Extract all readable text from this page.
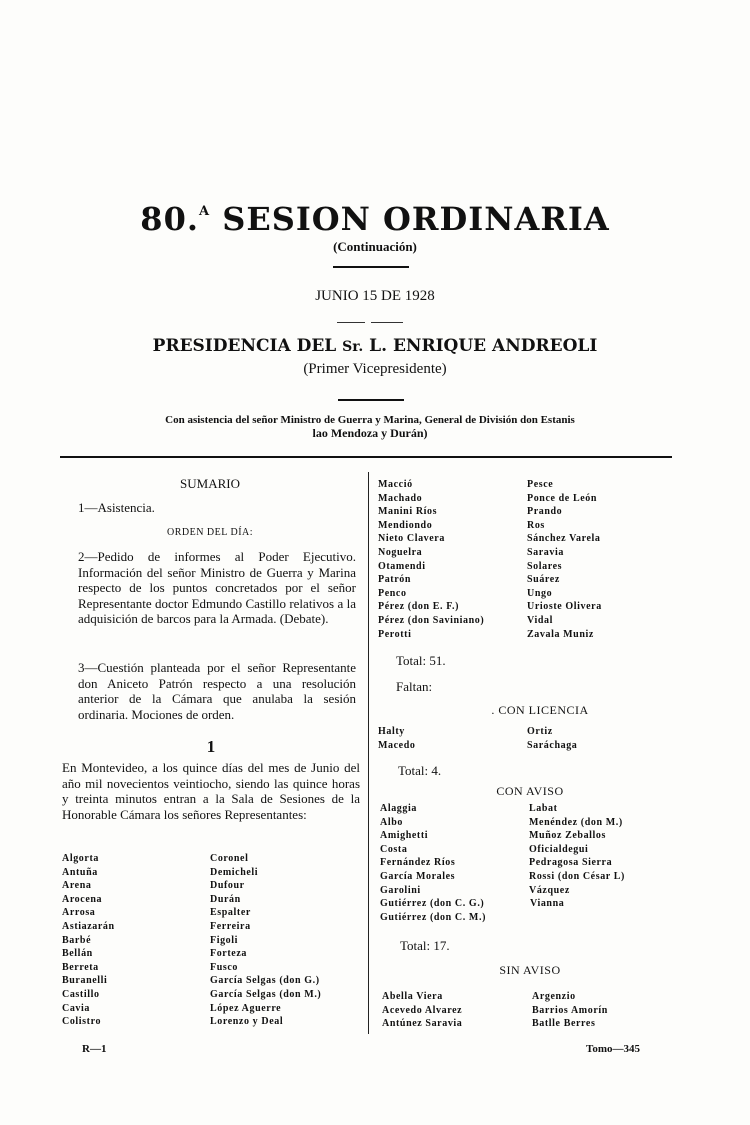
80.$^A$ SESION ORDINARIA
(Continuación)
JUNIO 15 DE 1928
PRESIDENCIA DEL Sr. L. ENRIQUE ANDREOLI
(Primer Vicepresidente)
Con asistencia del señor Ministro de Guerra y Marina, General de División don Estanis
lao Mendoza y Durán)
SUMARIO
1—Asistencia.
ORDEN DEL DÍA:
2—Pedido de informes al Poder Ejecutivo. Información del señor Ministro de Guerra y Marina respecto de los puntos concretados por el señor Representante doctor Edmundo Castillo relativos a la adquisición de barcos para la Armada. (Debate).
3—Cuestión planteada por el señor Representante don Aniceto Patrón respecto a una resolución anterior de la Cámara que anulaba la sesión ordinaria. Mociones de orden.
1
En Montevideo, a los quince días del mes de Junio del año mil novecientos veintiocho, siendo las quince horas y treinta minutos entran a la Sala de Sesiones de la Honorable Cámara los señores Representantes:
Algorta
Antuña
Arena
Arocena
Arrosa
Astiazarán
Barbé
Bellán
Berreta
Buranelli
Castillo
Cavia
Colistro
Coronel
Demicheli
Dufour
Durán
Espalter
Ferreira
Figoli
Forteza
Fusco
García Selgas (don G.)
García Selgas (don M.)
López Aguerre
Lorenzo y Deal
Macció
Machado
Manini Ríos
Mendiondo
Nieto Clavera
Noguelra
Otamendi
Patrón
Penco
Pérez (don E. F.)
Pérez (don Saviniano)
Perotti
Pesce
Ponce de León
Prando
Ros
Sánchez Varela
Saravia
Solares
Suárez
Ungo
Urioste Olivera
Vidal
Zavala Muniz
Total: 51.
Faltan:
. CON LICENCIA
Halty
Macedo
Ortiz
Saráchaga
Total: 4.
CON AVISO
Alaggia
Albo
Amighetti
Costa
Fernández Ríos
García Morales
Garolini
Gutiérrez (don C. G.)
Gutiérrez (don C. M.)
Labat
Menéndez (don M.)
Muñoz Zeballos
Oficialdegui
Pedragosa Sierra
Rossi (don César L)
Vázquez
Vianna
Total: 17.
SIN AVISO
Abella Viera
Acevedo Alvarez
Antúnez Saravia
Argenzio
Barrios Amorín
Batlle Berres
R—1	Tomo—345
